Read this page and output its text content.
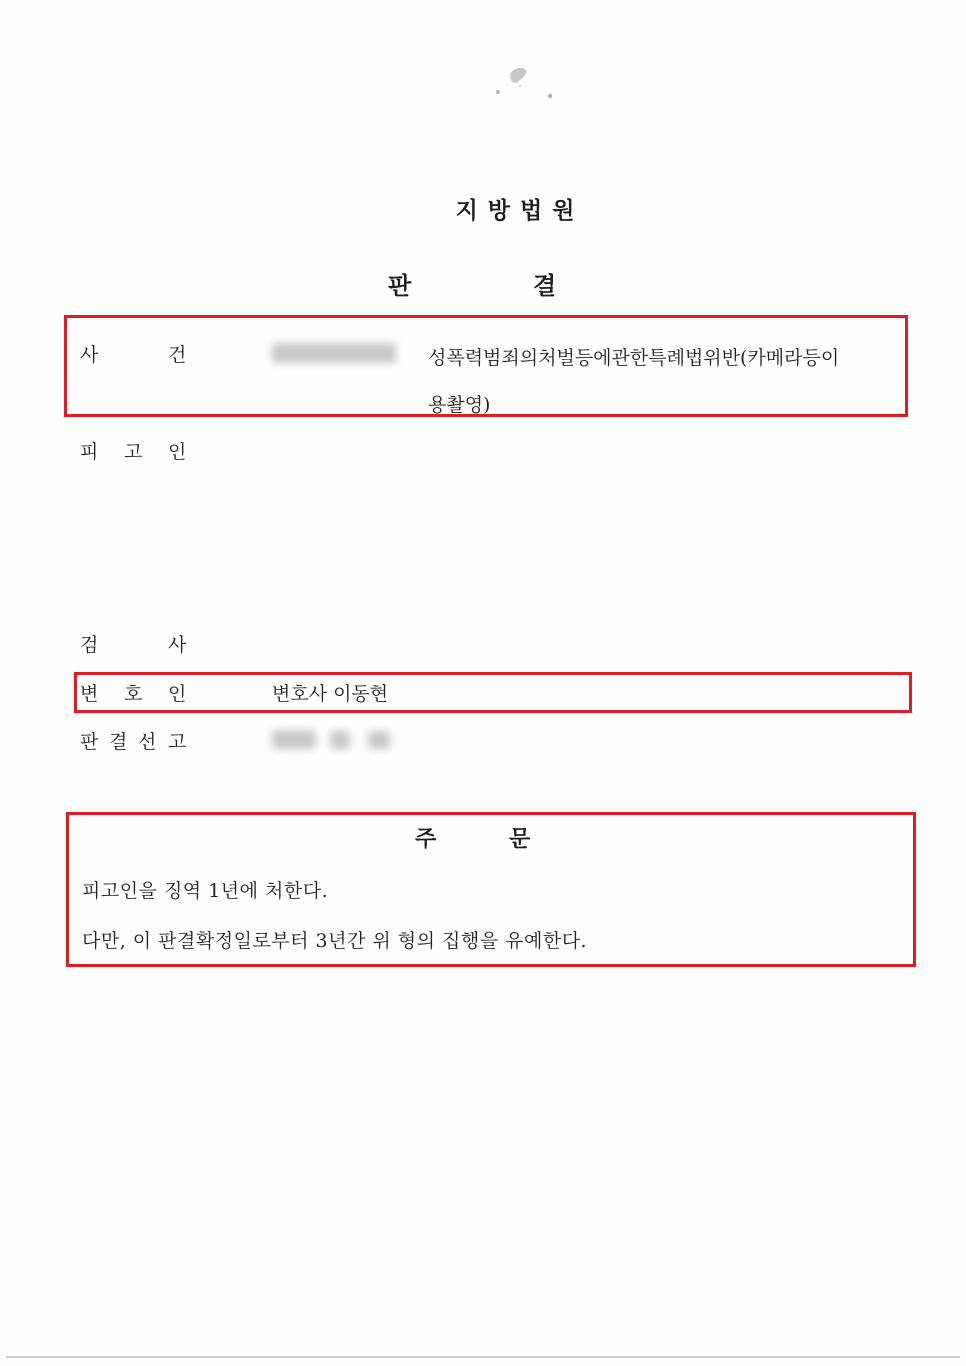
지방법원
판	결
사	건	성폭력범죄의처벌등에관한특례법위반(카메라등이
용촬영)
피 고 인
검	사
변 호 인	변호사 이동현
판 결 선 고
주	문
피고인을 징역 1년에 처한다.
다만, 이 판결확정일로부터 3년간 위 형의 집행을 유예한다.
